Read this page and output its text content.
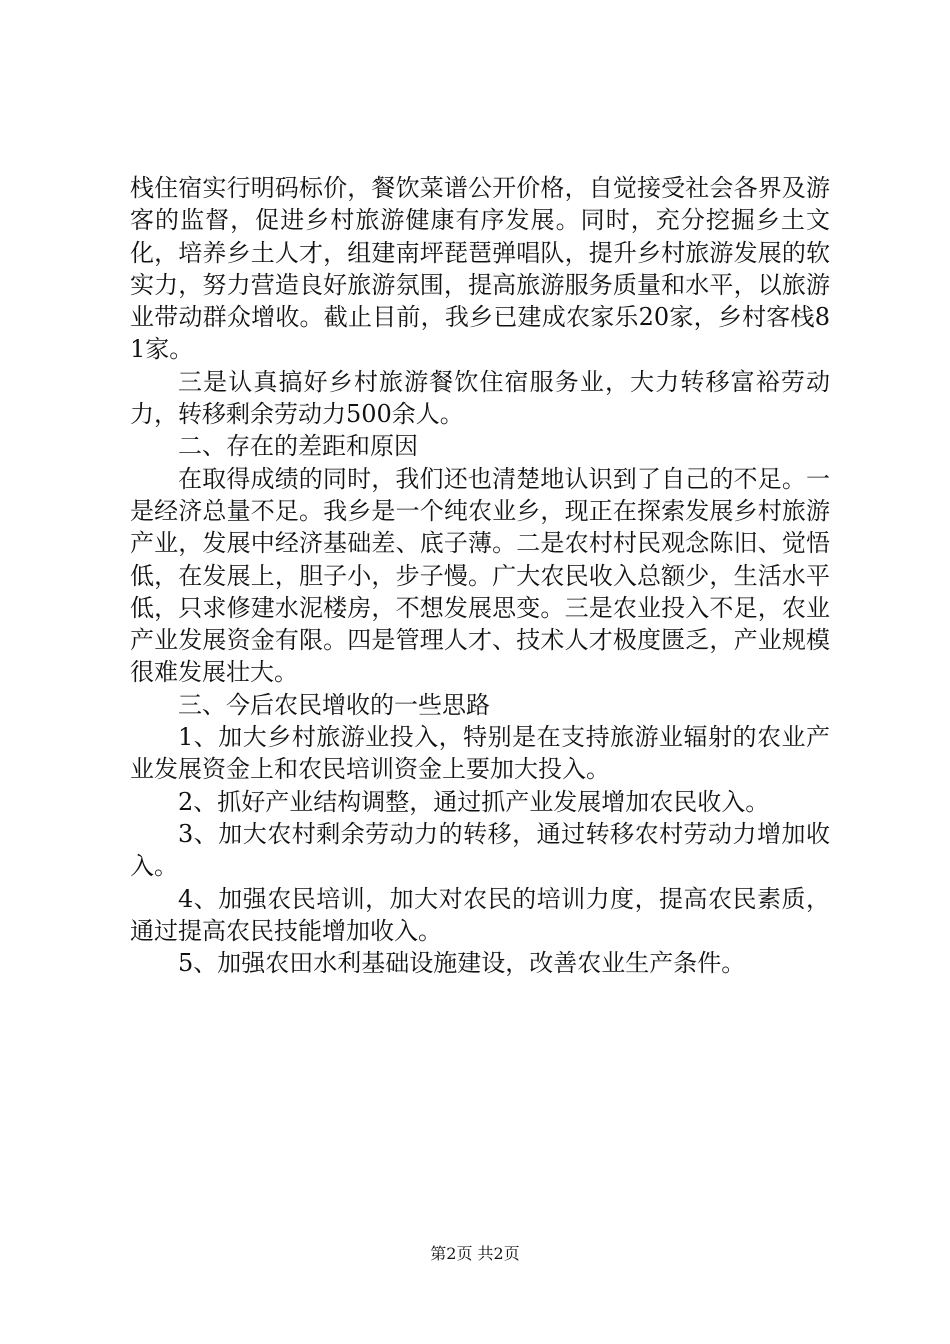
栈住宿实行明码标价，餐饮菜谱公开价格，自觉接受社会各界及游客的监督，促进乡村旅游健康有序发展。同时，充分挖掘乡土文化，培养乡土人才，组建南坪琵琶弹唱队，提升乡村旅游发展的软实力，努力营造良好旅游氛围，提高旅游服务质量和水平，以旅游业带动群众增收。截止目前，我乡已建成农家乐20家，乡村客栈81家。

三是认真搞好乡村旅游餐饮住宿服务业，大力转移富裕劳动力，转移剩余劳动力500余人。

二、存在的差距和原因

在取得成绩的同时，我们还也清楚地认识到了自己的不足。一是经济总量不足。我乡是一个纯农业乡，现正在探索发展乡村旅游产业，发展中经济基础差、底子薄。二是农村村民观念陈旧、觉悟低，在发展上，胆子小，步子慢。广大农民收入总额少，生活水平低，只求修建水泥楼房，不想发展思变。三是农业投入不足，农业产业发展资金有限。四是管理人才、技术人才极度匮乏，产业规模很难发展壮大。

三、今后农民增收的一些思路

1、加大乡村旅游业投入，特别是在支持旅游业辐射的农业产业发展资金上和农民培训资金上要加大投入。

2、抓好产业结构调整，通过抓产业发展增加农民收入。

3、加大农村剩余劳动力的转移，通过转移农村劳动力增加收入。

4、加强农民培训，加大对农民的培训力度，提高农民素质，通过提高农民技能增加收入。

5、加强农田水利基础设施建设，改善农业生产条件。

第2页 共2页
